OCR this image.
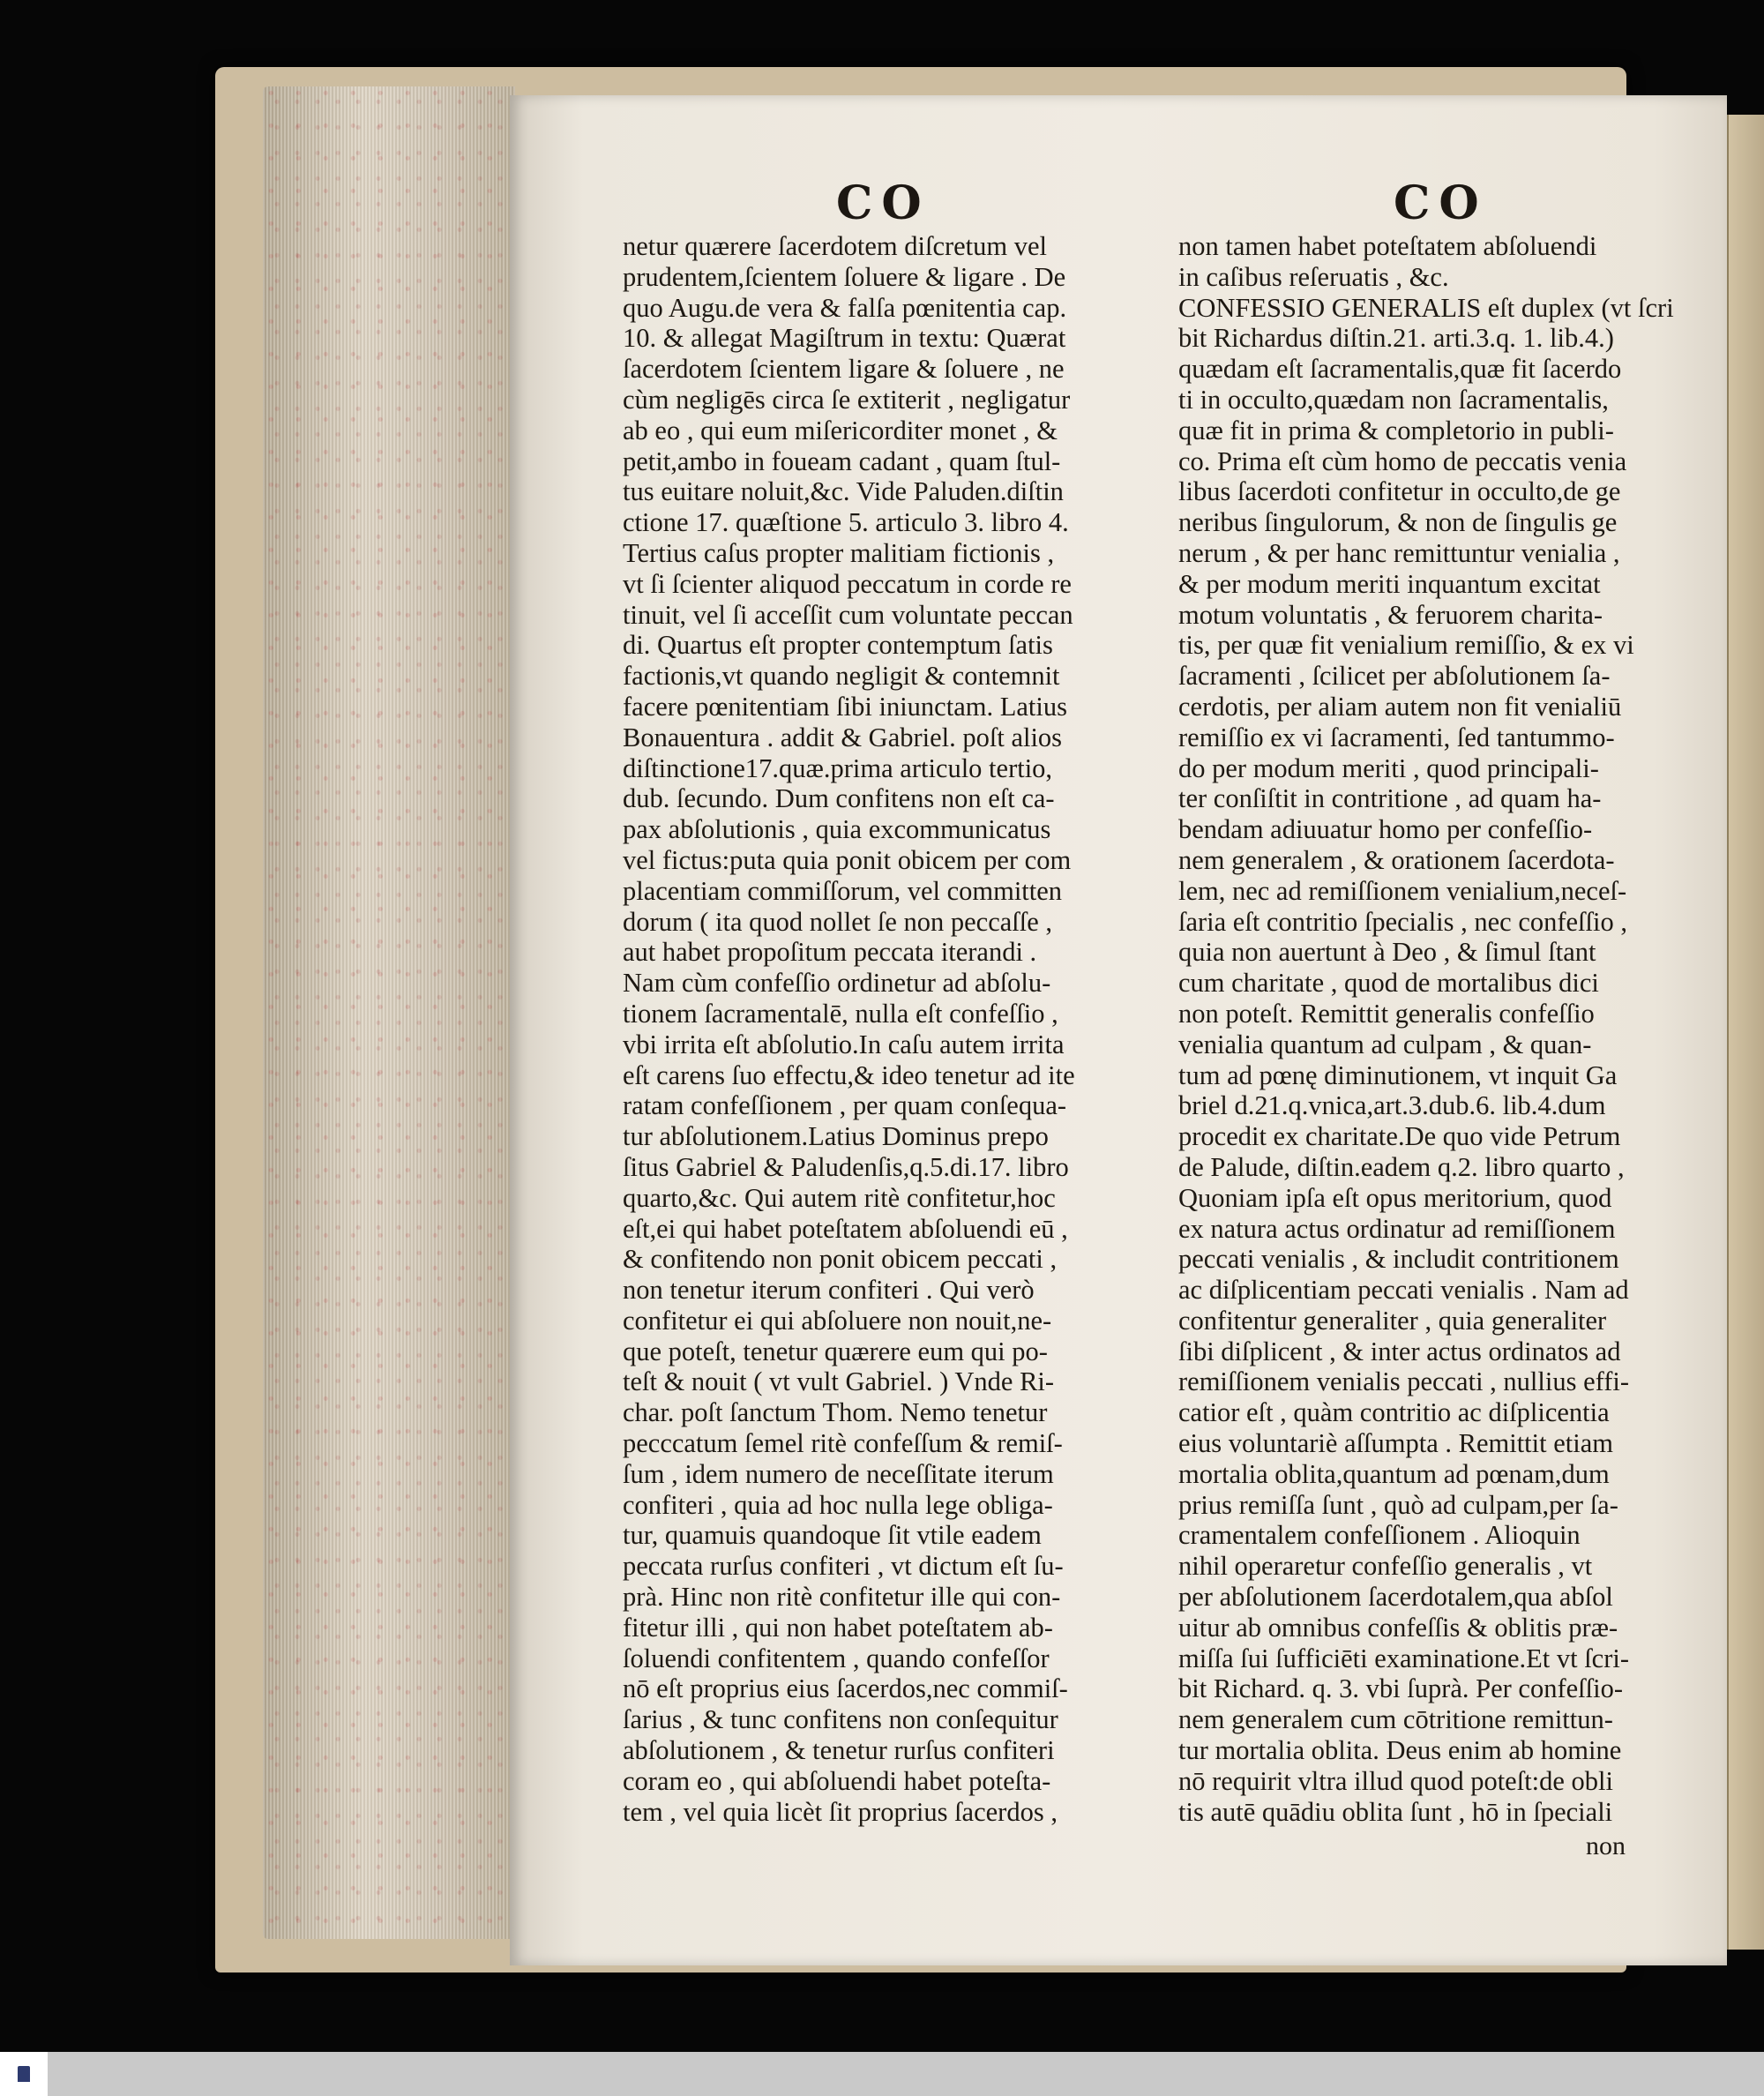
CO	CO
netur quærere ſacerdotem diſcretum vel
prudentem,ſcientem ſoluere & ligare . De
quo Augu.de vera & falſa pœnitentia cap.
10. & allegat Magiſtrum in textu: Quærat
ſacerdotem ſcientem ligare & ſoluere , ne
cùm negligēs circa ſe extiterit , negligatur
ab eo , qui eum miſericorditer monet , &
petit,ambo in foueam cadant , quam ſtul-
tus euitare noluit,&c. Vide Paluden.diſtin
ctione 17. quæſtione 5. articulo 3. libro 4.
Tertius caſus propter malitiam fictionis ,
vt ſi ſcienter aliquod peccatum in corde re
tinuit, vel ſi acceſſit cum voluntate peccan
di. Quartus eſt propter contemptum ſatis
factionis,vt quando negligit & contemnit
facere pœnitentiam ſibi iniunctam. Latius
Bonauentura . addit & Gabriel. poſt alios
diſtinctione17.quæ.prima articulo tertio,
dub. ſecundo. Dum confitens non eſt ca-
pax abſolutionis , quia excommunicatus
vel fictus:puta quia ponit obicem per com
placentiam commiſſorum, vel committen
dorum ( ita quod nollet ſe non peccaſſe ,
aut habet propoſitum peccata iterandi .
Nam cùm confeſſio ordinetur ad abſolu-
tionem ſacramentalē, nulla eſt confeſſio ,
vbi irrita eſt abſolutio.In caſu autem irrita
eſt carens ſuo effectu,& ideo tenetur ad ite
ratam confeſſionem , per quam conſequa-
tur abſolutionem.Latius Dominus prepo
ſitus Gabriel & Paludenſis,q.5.di.17. libro
quarto,&c. Qui autem ritè confitetur,hoc
eſt,ei qui habet poteſtatem abſoluendi eū ,
& confitendo non ponit obicem peccati ,
non tenetur iterum confiteri . Qui verò
confitetur ei qui abſoluere non nouit,ne-
que poteſt, tenetur quærere eum qui po-
teſt & nouit ( vt vult Gabriel. ) Vnde Ri-
char. poſt ſanctum Thom. Nemo tenetur
pecccatum ſemel ritè confeſſum & remiſ-
ſum , idem numero de neceſſitate iterum
confiteri , quia ad hoc nulla lege obliga-
tur, quamuis quandoque ſit vtile eadem
peccata rurſus confiteri , vt dictum eſt ſu-
prà. Hinc non ritè confitetur ille qui con-
fitetur illi , qui non habet poteſtatem ab-
ſoluendi confitentem , quando confeſſor
nō eſt proprius eius ſacerdos,nec commiſ-
ſarius , & tunc confitens non conſequitur
abſolutionem , & tenetur rurſus confiteri
coram eo , qui abſoluendi habet poteſta-
tem , vel quia licèt ſit proprius ſacerdos ,
non tamen habet poteſtatem abſoluendi
in caſibus reſeruatis , &c.
CONFESSIO GENERALIS eſt duplex (vt ſcri
bit Richardus diſtin.21. arti.3.q. 1. lib.4.)
quædam eſt ſacramentalis,quæ fit ſacerdo
ti in occulto,quædam non ſacramentalis,
quæ fit in prima & completorio in publi-
co. Prima eſt cùm homo de peccatis venia
libus ſacerdoti confitetur in occulto,de ge
neribus ſingulorum, & non de ſingulis ge
nerum , & per hanc remittuntur venialia ,
& per modum meriti inquantum excitat
motum voluntatis , & feruorem charita-
tis, per quæ fit venialium remiſſio, & ex vi
ſacramenti , ſcilicet per abſolutionem ſa-
cerdotis, per aliam autem non fit venialiū
remiſſio ex vi ſacramenti, ſed tantummo-
do per modum meriti , quod principali-
ter conſiſtit in contritione , ad quam ha-
bendam adiuuatur homo per confeſſio-
nem generalem , & orationem ſacerdota-
lem, nec ad remiſſionem venialium,neceſ-
ſaria eſt contritio ſpecialis , nec confeſſio ,
quia non auertunt à Deo , & ſimul ſtant
cum charitate , quod de mortalibus dici
non poteſt. Remittit generalis confeſſio
venialia quantum ad culpam , & quan-
tum ad pœnę diminutionem, vt inquit Ga
briel d.21.q.vnica,art.3.dub.6. lib.4.dum
procedit ex charitate.De quo vide Petrum
de Palude, diſtin.eadem q.2. libro quarto ,
Quoniam ipſa eſt opus meritorium, quod
ex natura actus ordinatur ad remiſſionem
peccati venialis , & includit contritionem
ac diſplicentiam peccati venialis . Nam ad
confitentur generaliter , quia generaliter
ſibi diſplicent , & inter actus ordinatos ad
remiſſionem venialis peccati , nullius effi-
catior eſt , quàm contritio ac diſplicentia
eius voluntariè aſſumpta . Remittit etiam
mortalia oblita,quantum ad pœnam,dum
prius remiſſa ſunt , quò ad culpam,per ſa-
cramentalem confeſſionem . Alioquin
nihil operaretur confeſſio generalis , vt
per abſolutionem ſacerdotalem,qua abſol
uitur ab omnibus confeſſis & oblitis præ-
miſſa ſui ſufficiēti examinatione.Et vt ſcri-
bit Richard. q. 3. vbi ſuprà. Per confeſſio-
nem generalem cum cōtritione remittun-
tur mortalia oblita. Deus enim ab homine
nō requirit vltra illud quod poteſt:de obli
tis autē quādiu oblita ſunt , hō in ſpeciali
non
